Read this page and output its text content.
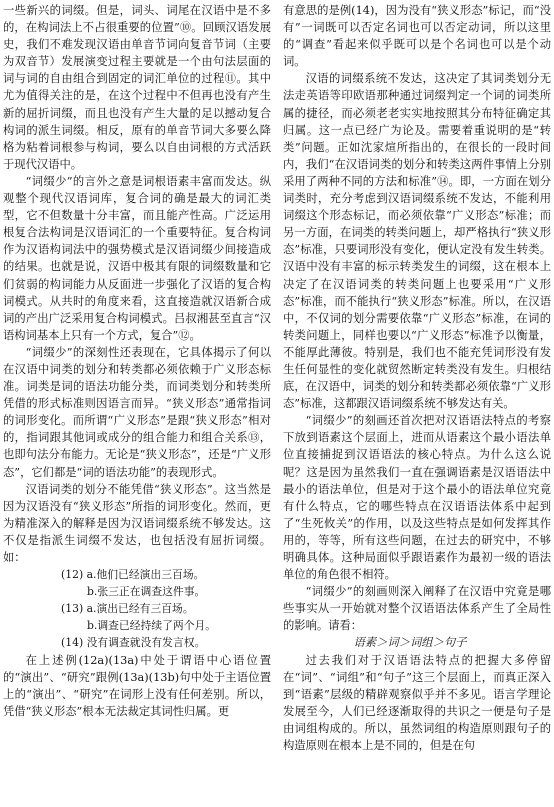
一些新兴的词缀。但是，词头、词尾在汉语中是不多的，在构词法上不占很重要的位置”⑩。回顾汉语发展史，我们不难发现汉语由单音节词向复音节词（主要为双音节）发展演变过程主要就是一个由句法层面的词与词的自由组合到固定的词汇单位的过程⑪。其中尤为值得关注的是，在这个过程中不但再也没有产生新的屈折词缀，而且也没有产生大量的足以撼动复合构词的派生词缀。相反，原有的单音节词大多要么降格为粘着词根参与构词，要么以自由词根的方式活跃于现代汉语中。

“词缀少”的言外之意是词根语素丰富而发达。纵观整个现代汉语词库，复合词的确是最大的词汇类型，它不但数量十分丰富，而且能产性高。广泛运用根复合法构词是汉语词汇的一个重要特征。复合构词作为汉语构词法中的强势模式是汉语词缀少间接造成的结果。也就是说，汉语中极其有限的词缀数量和它们贫弱的构词能力从反面进一步强化了汉语的复合构词模式。从共时的角度来看，这直接造就汉语新合成词的产出广泛采用复合构词模式。吕叔湘甚至直言“汉语构词基本上只有一个方式，复合”⑫。

“词缀少”的深刻性还表现在，它具体揭示了何以在汉语中词类的划分和转类都必须依赖于广义形态标准。词类是词的语法功能分类，而词类划分和转类所凭借的形式标准则因语言而异。“狭义形态”通常指词的词形变化。而所谓“广义形态”是跟“狭义形态”相对的，指词跟其他词或成分的组合能力和组合关系⑬，也即句法分布能力。无论是“狭义形态”，还是“广义形态”，它们都是“词的语法功能”的表现形式。

汉语词类的划分不能凭借“狭义形态”。这当然是因为汉语没有“狭义形态”所指的词形变化。然而，更为精准深入的解释是因为汉语词缀系统不够发达。这不仅是指派生词缀不发达，也包括没有屈折词缀。如：

(12) a.他们已经演出三百场。

b.张三正在调查这件事。

(13) a.演出已经有三百场。

b.调查已经持续了两个月。

(14) 没有调查就没有发言权。

在上述例(12a)(13a)中处于谓语中心语位置的“演出”、“研究”跟例(13a)(13b)句中处于主语位置上的“演出”、“研究”在词形上没有任何差别。所以，凭借“狭义形态”根本无法裁定其词性归属。更

有意思的是例(14)，因为没有“狭义形态”标记，而“没有”一词既可以否定名词也可以否定动词，所以这里的“调查”看起来似乎既可以是个名词也可以是个动词。

汉语的词缀系统不发达，这决定了其词类划分无法走英语等印欧语那种通过词缀判定一个词的词类所属的捷径，而必须老老实实地按照其分布特征确定其归属。这一点已经广为论及。需要着重说明的是“转类”问题。正如沈家煊所指出的，在很长的一段时间内，我们“在汉语词类的划分和转类这两件事情上分别采用了两种不同的方法和标准”⑭。即，一方面在划分词类时，充分考虑到汉语词缀系统不发达，不能利用词缀这个形态标记，而必须依靠“广义形态”标准；而另一方面，在词类的转类问题上，却严格执行“狭义形态”标准，只要词形没有变化，便认定没有发生转类。汉语中没有丰富的标示转类发生的词缀，这在根本上决定了在汉语词类的转类问题上也要采用“广义形态”标准，而不能执行“狭义形态”标准。所以，在汉语中，不仅词的划分需要依靠“广义形态”标准，在词的转类问题上，同样也要以“广义形态”标准予以衡量，不能厚此薄彼。特别是，我们也不能充凭词形没有发生任何显性的变化就贸然断定转类没有发生。归根结底，在汉语中，词类的划分和转类都必须依靠“广义形态”标准，这都跟汉语词缀系统不够发达有关。

“词缀少”的刻画还首次把对汉语语法特点的考察下放到语素这个层面上，进而从语素这个最小语法单位直接捕捉到汉语语法的核心特点。为什么这么说呢？这是因为虽然我们一直在强调语素是汉语语法中最小的语法单位，但是对于这个最小的语法单位究竟有什么特点，它的哪些特点在汉语语法体系中起到了“生死攸关”的作用，以及这些特点是如何发挥其作用的，等等，所有这些问题，在过去的研究中，不够明确具体。这种局面似乎跟语素作为最初一级的语法单位的角色很不相符。

“词缀少”的刻画则深入阐释了在汉语中究竟是哪些事实从一开始就对整个汉语语法体系产生了全局性的影响。请看：

语素＞词＞词组＞句子

过去我们对于汉语语法特点的把握大多停留在“词”、“词组”和“句子”这三个层面上，而真正深入到“语素”层级的精辟观察似乎并不多见。语言学理论发展至今，人们已经逐渐取得的共识之一便是句子是由词组构成的。所以，虽然词组的构造原则跟句子的构造原则在根本上是不同的，但是在句
